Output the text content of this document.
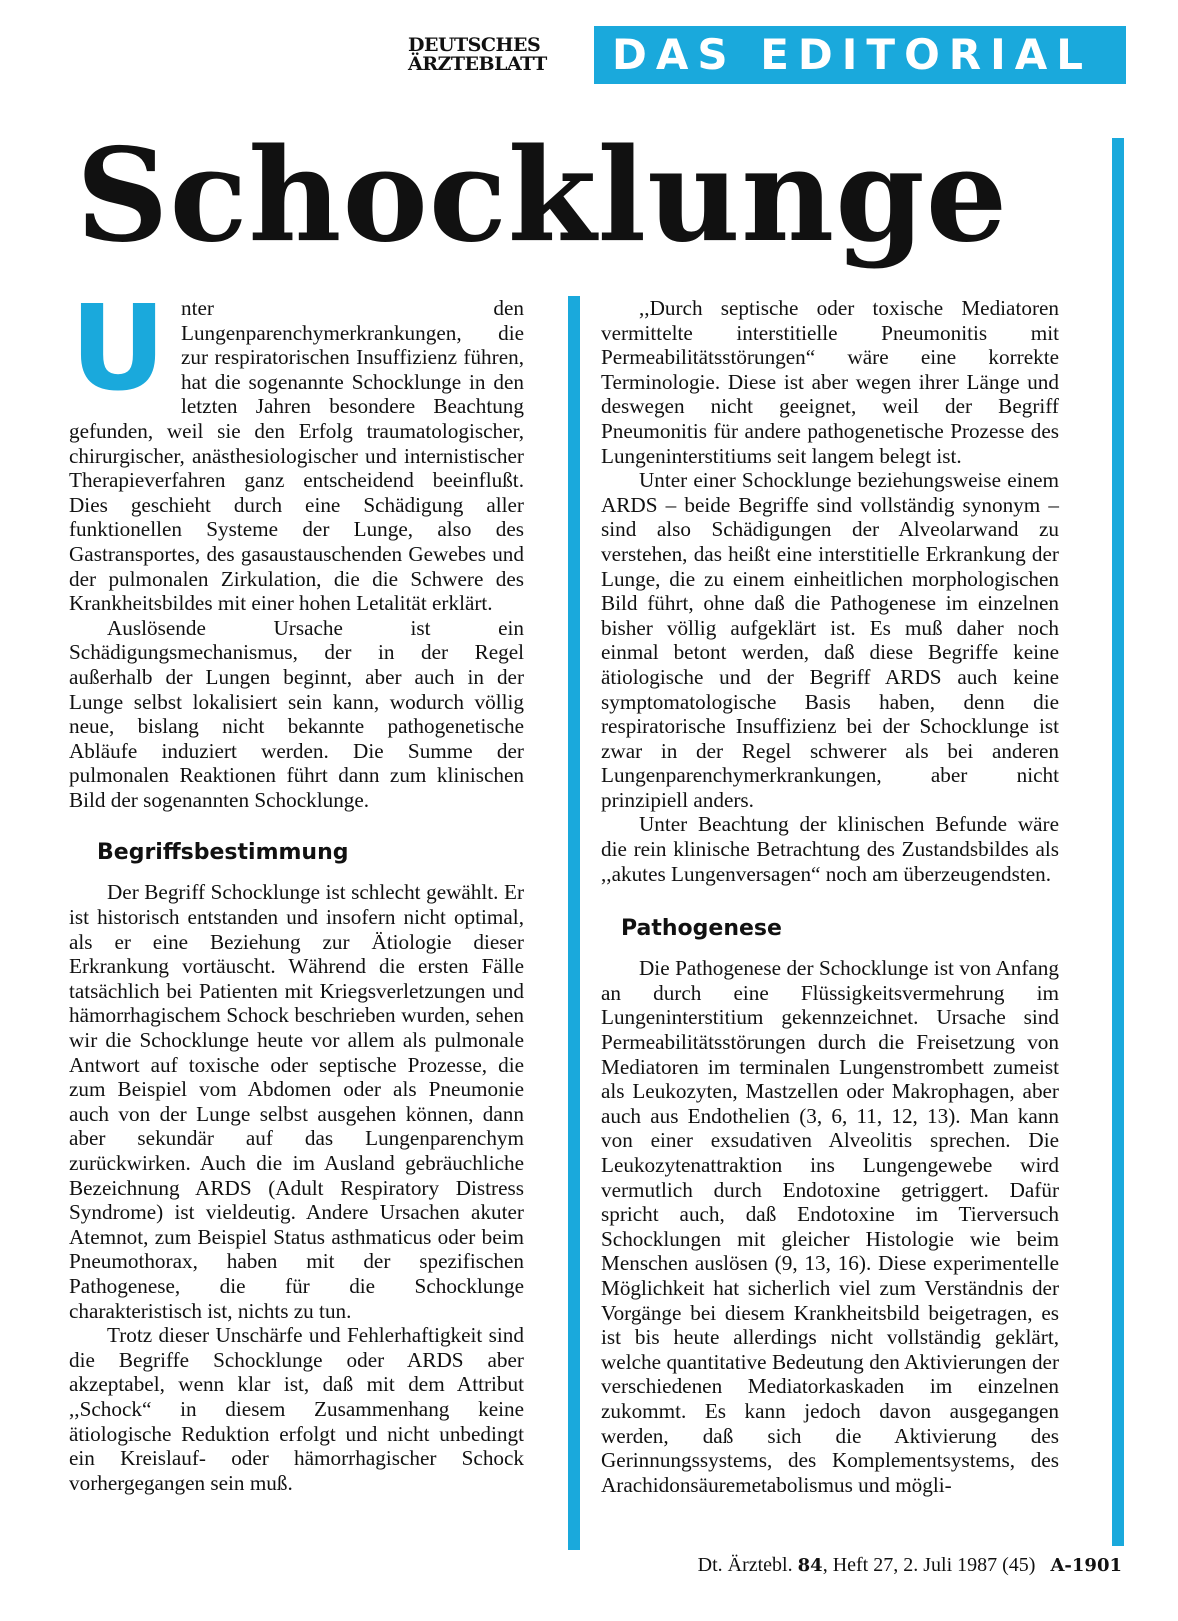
DEUTSCHES
ÄRZTEBLATT	DAS EDITORIAL
Schocklunge

Unter den Lungenparenchymerkrankungen, die zur respiratorischen Insuffizienz führen, hat die sogenannte Schocklunge in den letzten Jahren besondere Beachtung gefunden, weil sie den Erfolg traumatologischer, chirurgischer, anästhesiologischer und internistischer Therapieverfahren ganz entscheidend beeinflußt. Dies geschieht durch eine Schädigung aller funktionellen Systeme der Lunge, also des Gastransportes, des gasaustauschenden Gewebes und der pulmonalen Zirkulation, die die Schwere des Krankheitsbildes mit einer hohen Letalität erklärt.

Auslösende Ursache ist ein Schädigungsmechanismus, der in der Regel außerhalb der Lungen beginnt, aber auch in der Lunge selbst lokalisiert sein kann, wodurch völlig neue, bislang nicht bekannte pathogenetische Abläufe induziert werden. Die Summe der pulmonalen Reaktionen führt dann zum klinischen Bild der sogenannten Schocklunge.

Begriffsbestimmung

Der Begriff Schocklunge ist schlecht gewählt. Er ist historisch entstanden und insofern nicht optimal, als er eine Beziehung zur Ätiologie dieser Erkrankung vortäuscht. Während die ersten Fälle tatsächlich bei Patienten mit Kriegsverletzungen und hämorrhagischem Schock beschrieben wurden, sehen wir die Schocklunge heute vor allem als pulmonale Antwort auf toxische oder septische Prozesse, die zum Beispiel vom Abdomen oder als Pneumonie auch von der Lunge selbst ausgehen können, dann aber sekundär auf das Lungenparenchym zurückwirken. Auch die im Ausland gebräuchliche Bezeichnung ARDS (Adult Respiratory Distress Syndrome) ist vieldeutig. Andere Ursachen akuter Atemnot, zum Beispiel Status asthmaticus oder beim Pneumothorax, haben mit der spezifischen Pathogenese, die für die Schocklunge charakteristisch ist, nichts zu tun.

Trotz dieser Unschärfe und Fehlerhaftigkeit sind die Begriffe Schocklunge oder ARDS aber akzeptabel, wenn klar ist, daß mit dem Attribut ,,Schock“ in diesem Zusammenhang keine ätiologische Reduktion erfolgt und nicht unbedingt ein Kreislauf- oder hämorrhagischer Schock vorhergegangen sein muß.

,,Durch septische oder toxische Mediatoren vermittelte interstitielle Pneumonitis mit Permeabilitätsstörungen“ wäre eine korrekte Terminologie. Diese ist aber wegen ihrer Länge und deswegen nicht geeignet, weil der Begriff Pneumonitis für andere pathogenetische Prozesse des Lungeninterstitiums seit langem belegt ist.

Unter einer Schocklunge beziehungsweise einem ARDS – beide Begriffe sind vollständig synonym – sind also Schädigungen der Alveolarwand zu verstehen, das heißt eine interstitielle Erkrankung der Lunge, die zu einem einheitlichen morphologischen Bild führt, ohne daß die Pathogenese im einzelnen bisher völlig aufgeklärt ist. Es muß daher noch einmal betont werden, daß diese Begriffe keine ätiologische und der Begriff ARDS auch keine symptomatologische Basis haben, denn die respiratorische Insuffizienz bei der Schocklunge ist zwar in der Regel schwerer als bei anderen Lungenparenchymerkrankungen, aber nicht prinzipiell anders.

Unter Beachtung der klinischen Befunde wäre die rein klinische Betrachtung des Zustandsbildes als ,,akutes Lungenversagen“ noch am überzeugendsten.

Pathogenese

Die Pathogenese der Schocklunge ist von Anfang an durch eine Flüssigkeitsvermehrung im Lungeninterstitium gekennzeichnet. Ursache sind Permeabilitätsstörungen durch die Freisetzung von Mediatoren im terminalen Lungenstrombett zumeist als Leukozyten, Mastzellen oder Makrophagen, aber auch aus Endothelien (3, 6, 11, 12, 13). Man kann von einer exsudativen Alveolitis sprechen. Die Leukozytenattraktion ins Lungengewebe wird vermutlich durch Endotoxine getriggert. Dafür spricht auch, daß Endotoxine im Tierversuch Schocklungen mit gleicher Histologie wie beim Menschen auslösen (9, 13, 16). Diese experimentelle Möglichkeit hat sicherlich viel zum Verständnis der Vorgänge bei diesem Krankheitsbild beigetragen, es ist bis heute allerdings nicht vollständig geklärt, welche quantitative Bedeutung den Aktivierungen der verschiedenen Mediatorkaskaden im einzelnen zukommt. Es kann jedoch davon ausgegangen werden, daß sich die Aktivierung des Gerinnungssystems, des Komplementsystems, des Arachidonsäuremetabolismus und mögli-

Dt. Ärztebl. 84, Heft 27, 2. Juli 1987 (45) A-1901
